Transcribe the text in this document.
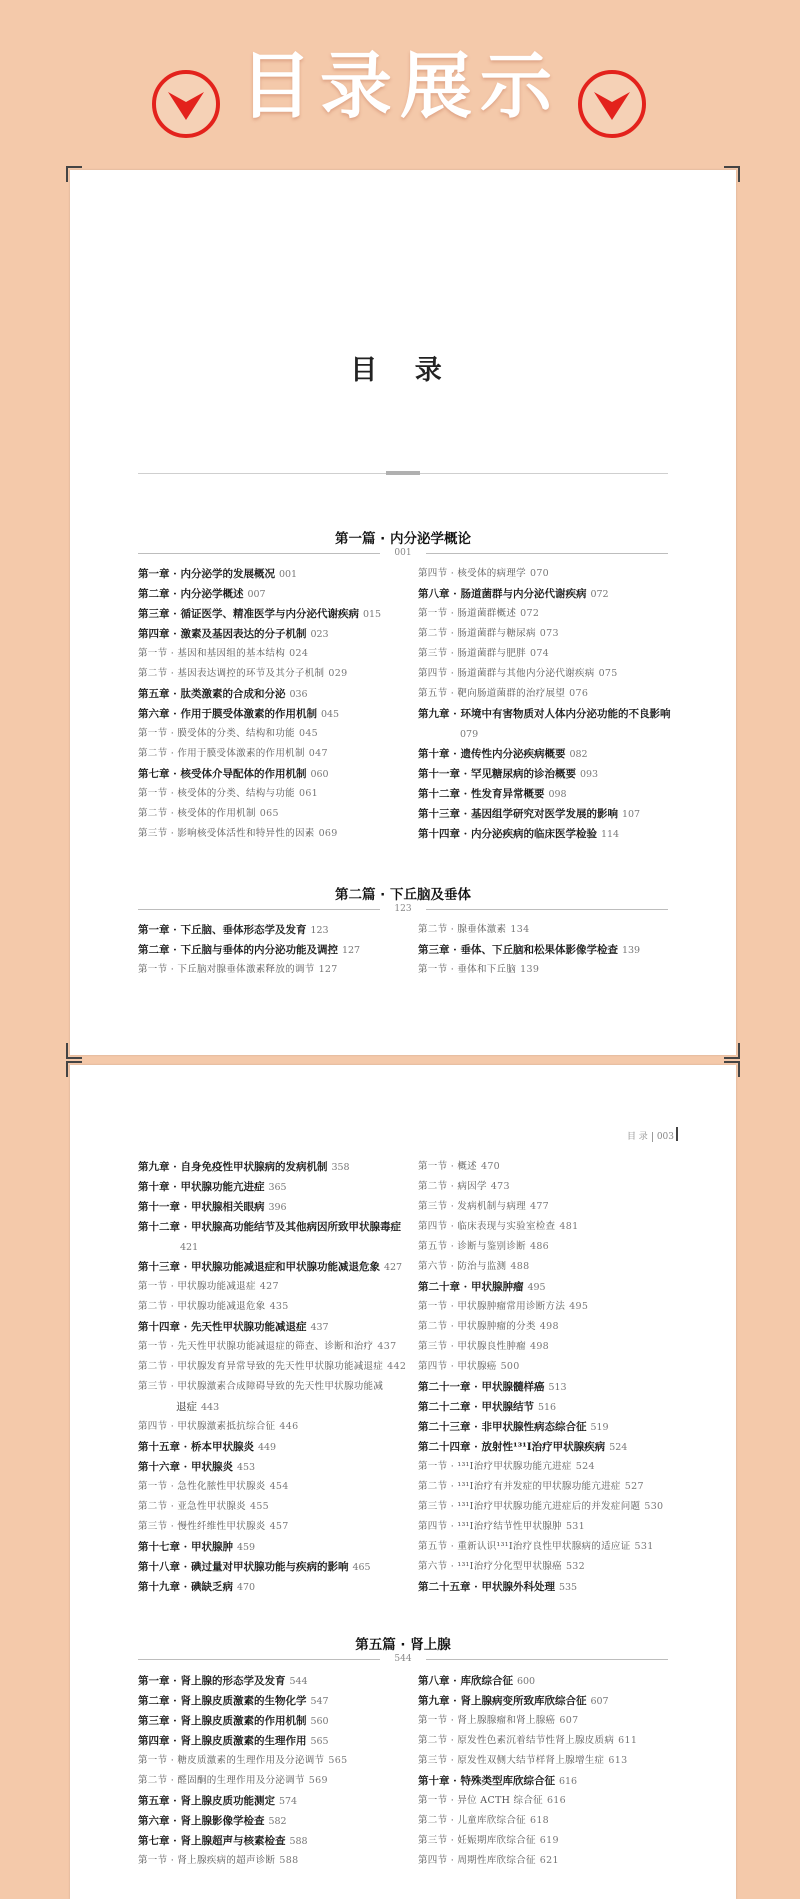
目录展示
目 录
第一篇 · 内分泌学概论
001
第一章 · 内分泌学的发展概况 001
第二章 · 内分泌学概述 007
第三章 · 循证医学、精准医学与内分泌代谢疾病 015
第四章 · 激素及基因表达的分子机制 023
第一节 · 基因和基因组的基本结构 024
第二节 · 基因表达调控的环节及其分子机制 029
第五章 · 肽类激素的合成和分泌 036
第六章 · 作用于膜受体激素的作用机制 045
第一节 · 膜受体的分类、结构和功能 045
第二节 · 作用于膜受体激素的作用机制 047
第七章 · 核受体介导配体的作用机制 060
第一节 · 核受体的分类、结构与功能 061
第二节 · 核受体的作用机制 065
第三节 · 影响核受体活性和特异性的因素 069
第四节 · 核受体的病理学 070
第八章 · 肠道菌群与内分泌代谢疾病 072
第一节 · 肠道菌群概述 072
第二节 · 肠道菌群与糖尿病 073
第三节 · 肠道菌群与肥胖 074
第四节 · 肠道菌群与其他内分泌代谢疾病 075
第五节 · 靶向肠道菌群的治疗展望 076
第九章 · 环境中有害物质对人体内分泌功能的不良影响
079
第十章 · 遗传性内分泌疾病概要 082
第十一章 · 罕见糖尿病的诊治概要 093
第十二章 · 性发育异常概要 098
第十三章 · 基因组学研究对医学发展的影响 107
第十四章 · 内分泌疾病的临床医学检验 114
第二篇 · 下丘脑及垂体
123
第一章 · 下丘脑、垂体形态学及发育 123
第二章 · 下丘脑与垂体的内分泌功能及调控 127
第一节 · 下丘脑对腺垂体激素释放的调节 127
第二节 · 腺垂体激素 134
第三章 · 垂体、下丘脑和松果体影像学检查 139
第一节 · 垂体和下丘脑 139
目 录 003
第九章 · 自身免疫性甲状腺病的发病机制 358
第十章 · 甲状腺功能亢进症 365
第十一章 · 甲状腺相关眼病 396
第十二章 · 甲状腺高功能结节及其他病因所致甲状腺毒症
421
第十三章 · 甲状腺功能减退症和甲状腺功能减退危象 427
第一节 · 甲状腺功能减退症 427
第二节 · 甲状腺功能减退危象 435
第十四章 · 先天性甲状腺功能减退症 437
第一节 · 先天性甲状腺功能减退症的筛查、诊断和治疗 437
第二节 · 甲状腺发育异常导致的先天性甲状腺功能减退症 442
第三节 · 甲状腺激素合成障碍导致的先天性甲状腺功能减
退症 443
第四节 · 甲状腺激素抵抗综合征 446
第十五章 · 桥本甲状腺炎 449
第十六章 · 甲状腺炎 453
第一节 · 急性化脓性甲状腺炎 454
第二节 · 亚急性甲状腺炎 455
第三节 · 慢性纤维性甲状腺炎 457
第十七章 · 甲状腺肿 459
第十八章 · 碘过量对甲状腺功能与疾病的影响 465
第十九章 · 碘缺乏病 470
第一节 · 概述 470
第二节 · 病因学 473
第三节 · 发病机制与病理 477
第四节 · 临床表现与实验室检查 481
第五节 · 诊断与鉴别诊断 486
第六节 · 防治与监测 488
第二十章 · 甲状腺肿瘤 495
第一节 · 甲状腺肿瘤常用诊断方法 495
第二节 · 甲状腺肿瘤的分类 498
第三节 · 甲状腺良性肿瘤 498
第四节 · 甲状腺癌 500
第二十一章 · 甲状腺髓样癌 513
第二十二章 · 甲状腺结节 516
第二十三章 · 非甲状腺性病态综合征 519
第二十四章 · 放射性¹³¹I治疗甲状腺疾病 524
第一节 · ¹³¹I治疗甲状腺功能亢进症 524
第二节 · ¹³¹I治疗有并发症的甲状腺功能亢进症 527
第三节 · ¹³¹I治疗甲状腺功能亢进症后的并发症问题 530
第四节 · ¹³¹I治疗结节性甲状腺肿 531
第五节 · 重新认识¹³¹I治疗良性甲状腺病的适应证 531
第六节 · ¹³¹I治疗分化型甲状腺癌 532
第二十五章 · 甲状腺外科处理 535
第五篇 · 肾上腺
544
第一章 · 肾上腺的形态学及发育 544
第二章 · 肾上腺皮质激素的生物化学 547
第三章 · 肾上腺皮质激素的作用机制 560
第四章 · 肾上腺皮质激素的生理作用 565
第一节 · 糖皮质激素的生理作用及分泌调节 565
第二节 · 醛固酮的生理作用及分泌调节 569
第五章 · 肾上腺皮质功能测定 574
第六章 · 肾上腺影像学检查 582
第七章 · 肾上腺超声与核素检查 588
第一节 · 肾上腺疾病的超声诊断 588
第八章 · 库欣综合征 600
第九章 · 肾上腺病变所致库欣综合征 607
第一节 · 肾上腺腺瘤和肾上腺癌 607
第二节 · 原发性色素沉着结节性肾上腺皮质病 611
第三节 · 原发性双侧大结节样肾上腺增生症 613
第十章 · 特殊类型库欣综合征 616
第一节 · 异位 ACTH 综合征 616
第二节 · 儿童库欣综合征 618
第三节 · 妊娠期库欣综合征 619
第四节 · 周期性库欣综合征 621
